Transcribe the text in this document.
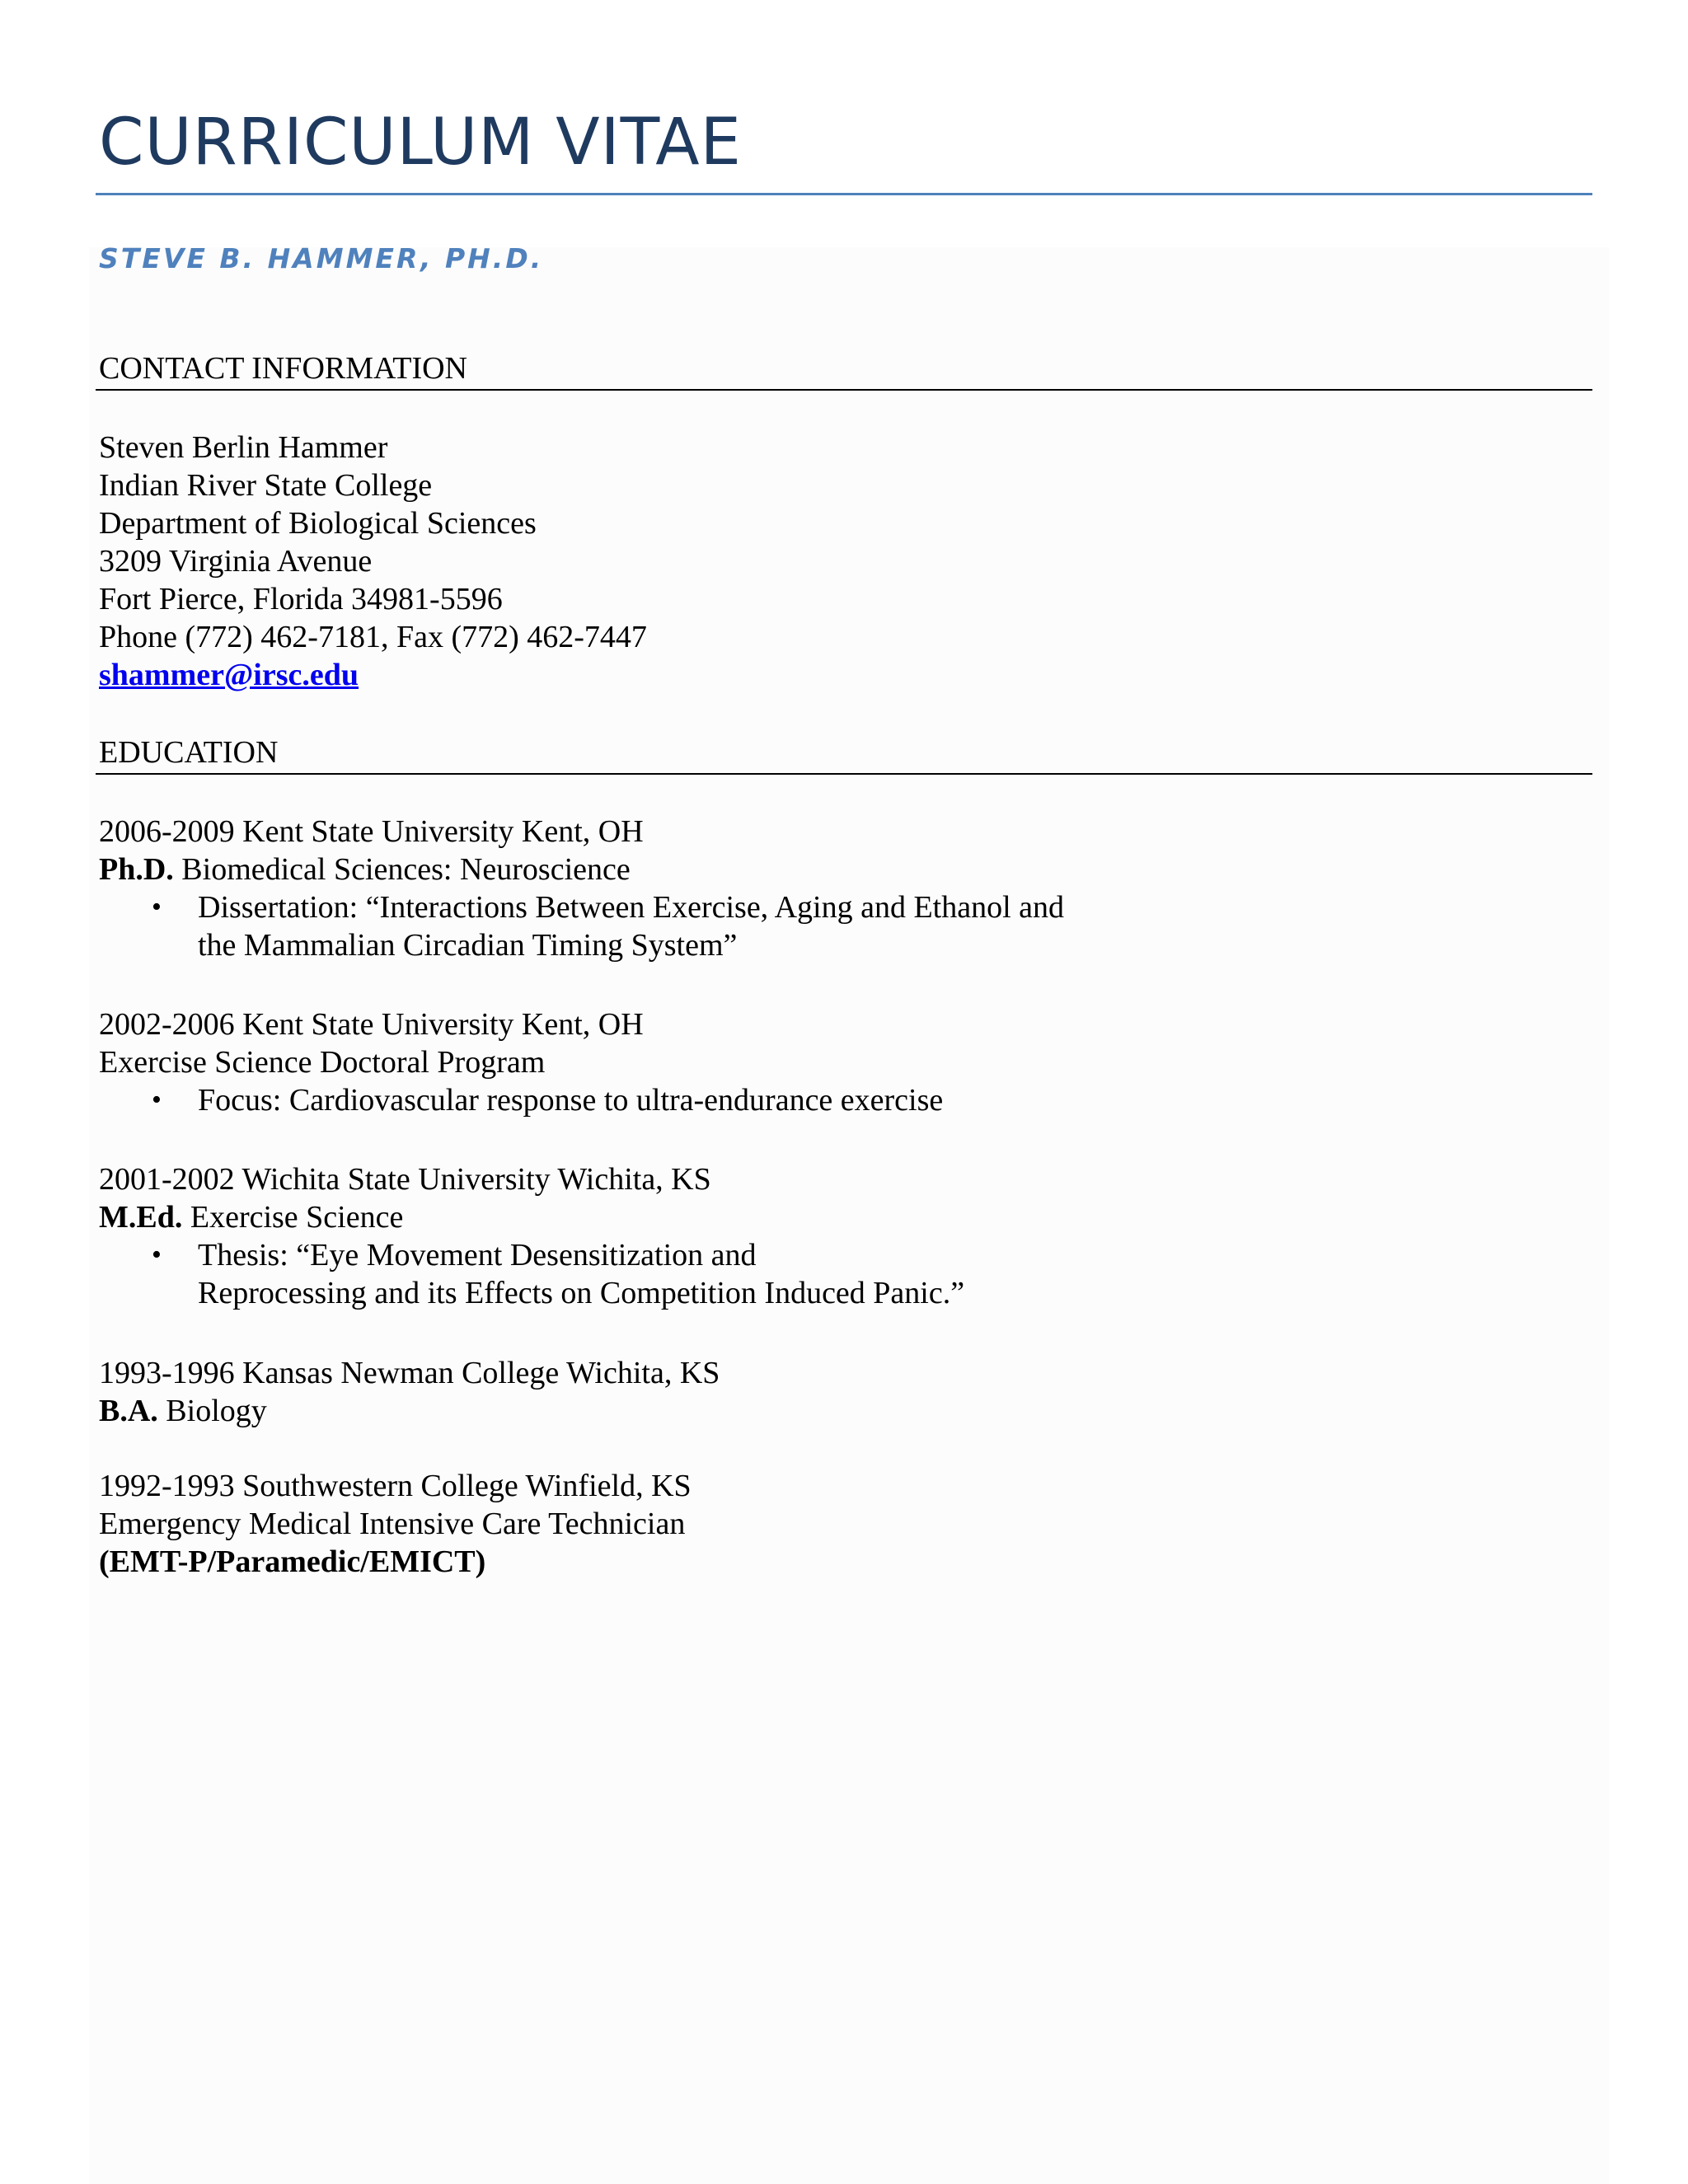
CURRICULUM VITAE
STEVE B. HAMMER, PH.D.
CONTACT INFORMATION
Steven Berlin Hammer
Indian River State College
Department of Biological Sciences
3209 Virginia Avenue
Fort Pierce, Florida 34981-5596
Phone (772) 462-7181, Fax (772) 462-7447
shammer@irsc.edu
EDUCATION
2006-2009 Kent State University Kent, OH
Ph.D. Biomedical Sciences: Neuroscience
• Dissertation: “Interactions Between Exercise, Aging and Ethanol and
the Mammalian Circadian Timing System”
2002-2006 Kent State University Kent, OH
Exercise Science Doctoral Program
• Focus: Cardiovascular response to ultra-endurance exercise
2001-2002 Wichita State University Wichita, KS
M.Ed. Exercise Science
• Thesis: “Eye Movement Desensitization and
Reprocessing and its Effects on Competition Induced Panic.”
1993-1996 Kansas Newman College Wichita, KS
B.A. Biology
1992-1993 Southwestern College Winfield, KS
Emergency Medical Intensive Care Technician
(EMT-P/Paramedic/EMICT)
